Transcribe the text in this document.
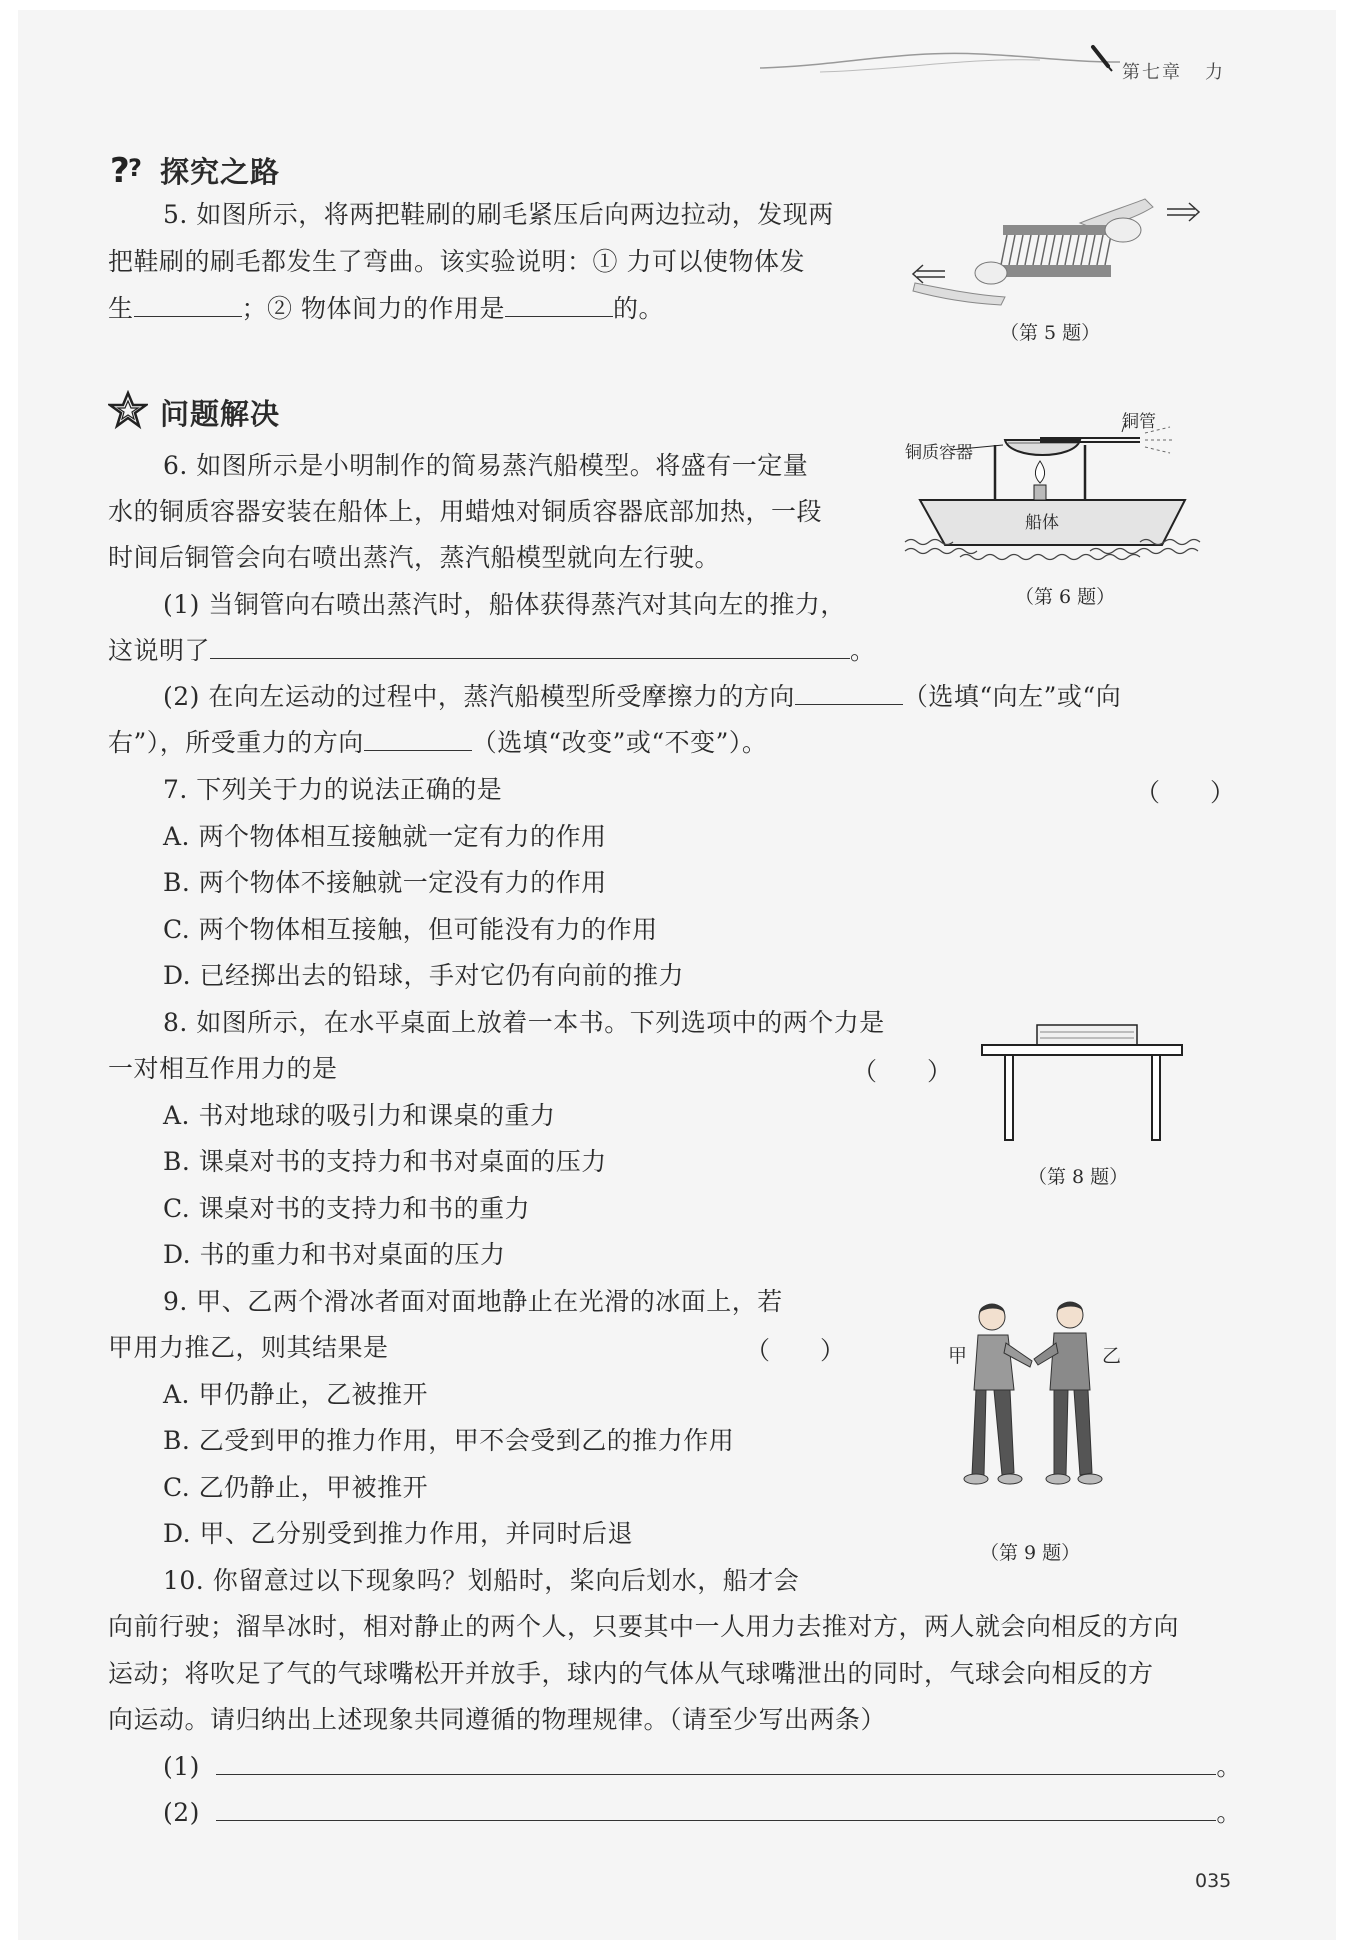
第七章 力
?
? 探究之路
5. 如图所示，将两把鞋刷的刷毛紧压后向两边拉动，发现两
把鞋刷的刷毛都发生了弯曲。该实验说明：① 力可以使物体发
生	；② 物体间力的作用是	的。
（第 5 题）
问题解决
6. 如图所示是小明制作的简易蒸汽船模型。将盛有一定量
水的铜质容器安装在船体上，用蜡烛对铜质容器底部加热，一段
时间后铜管会向右喷出蒸汽，蒸汽船模型就向左行驶。
(1) 当铜管向右喷出蒸汽时，船体获得蒸汽对其向左的推力，
这说明了	。
(2) 在向左运动的过程中，蒸汽船模型所受摩擦力的方向	（选填“向左”或“向
右”），所受重力的方向	（选填“改变”或“不变”）。
铜管
铜质容器
船体
（第 6 题）
7. 下列关于力的说法正确的是	（　　）
A. 两个物体相互接触就一定有力的作用
B. 两个物体不接触就一定没有力的作用
C. 两个物体相互接触，但可能没有力的作用
D. 已经掷出去的铅球，手对它仍有向前的推力
8. 如图所示，在水平桌面上放着一本书。下列选项中的两个力是
一对相互作用力的是	（　　）
A. 书对地球的吸引力和课桌的重力
B. 课桌对书的支持力和书对桌面的压力
C. 课桌对书的支持力和书的重力
D. 书的重力和书对桌面的压力
（第 8 题）
9. 甲、乙两个滑冰者面对面地静止在光滑的冰面上，若
甲用力推乙，则其结果是	（　　）
A. 甲仍静止，乙被推开
B. 乙受到甲的推力作用，甲不会受到乙的推力作用
C. 乙仍静止，甲被推开
D. 甲、乙分别受到推力作用，并同时后退
甲	乙
（第 9 题）
10. 你留意过以下现象吗？划船时，桨向后划水，船才会
向前行驶；溜旱冰时，相对静止的两个人，只要其中一人用力去推对方，两人就会向相反的方向
运动；将吹足了气的气球嘴松开并放手，球内的气体从气球嘴泄出的同时，气球会向相反的方
向运动。请归纳出上述现象共同遵循的物理规律。（请至少写出两条）
(1)	。
(2)	。
035
